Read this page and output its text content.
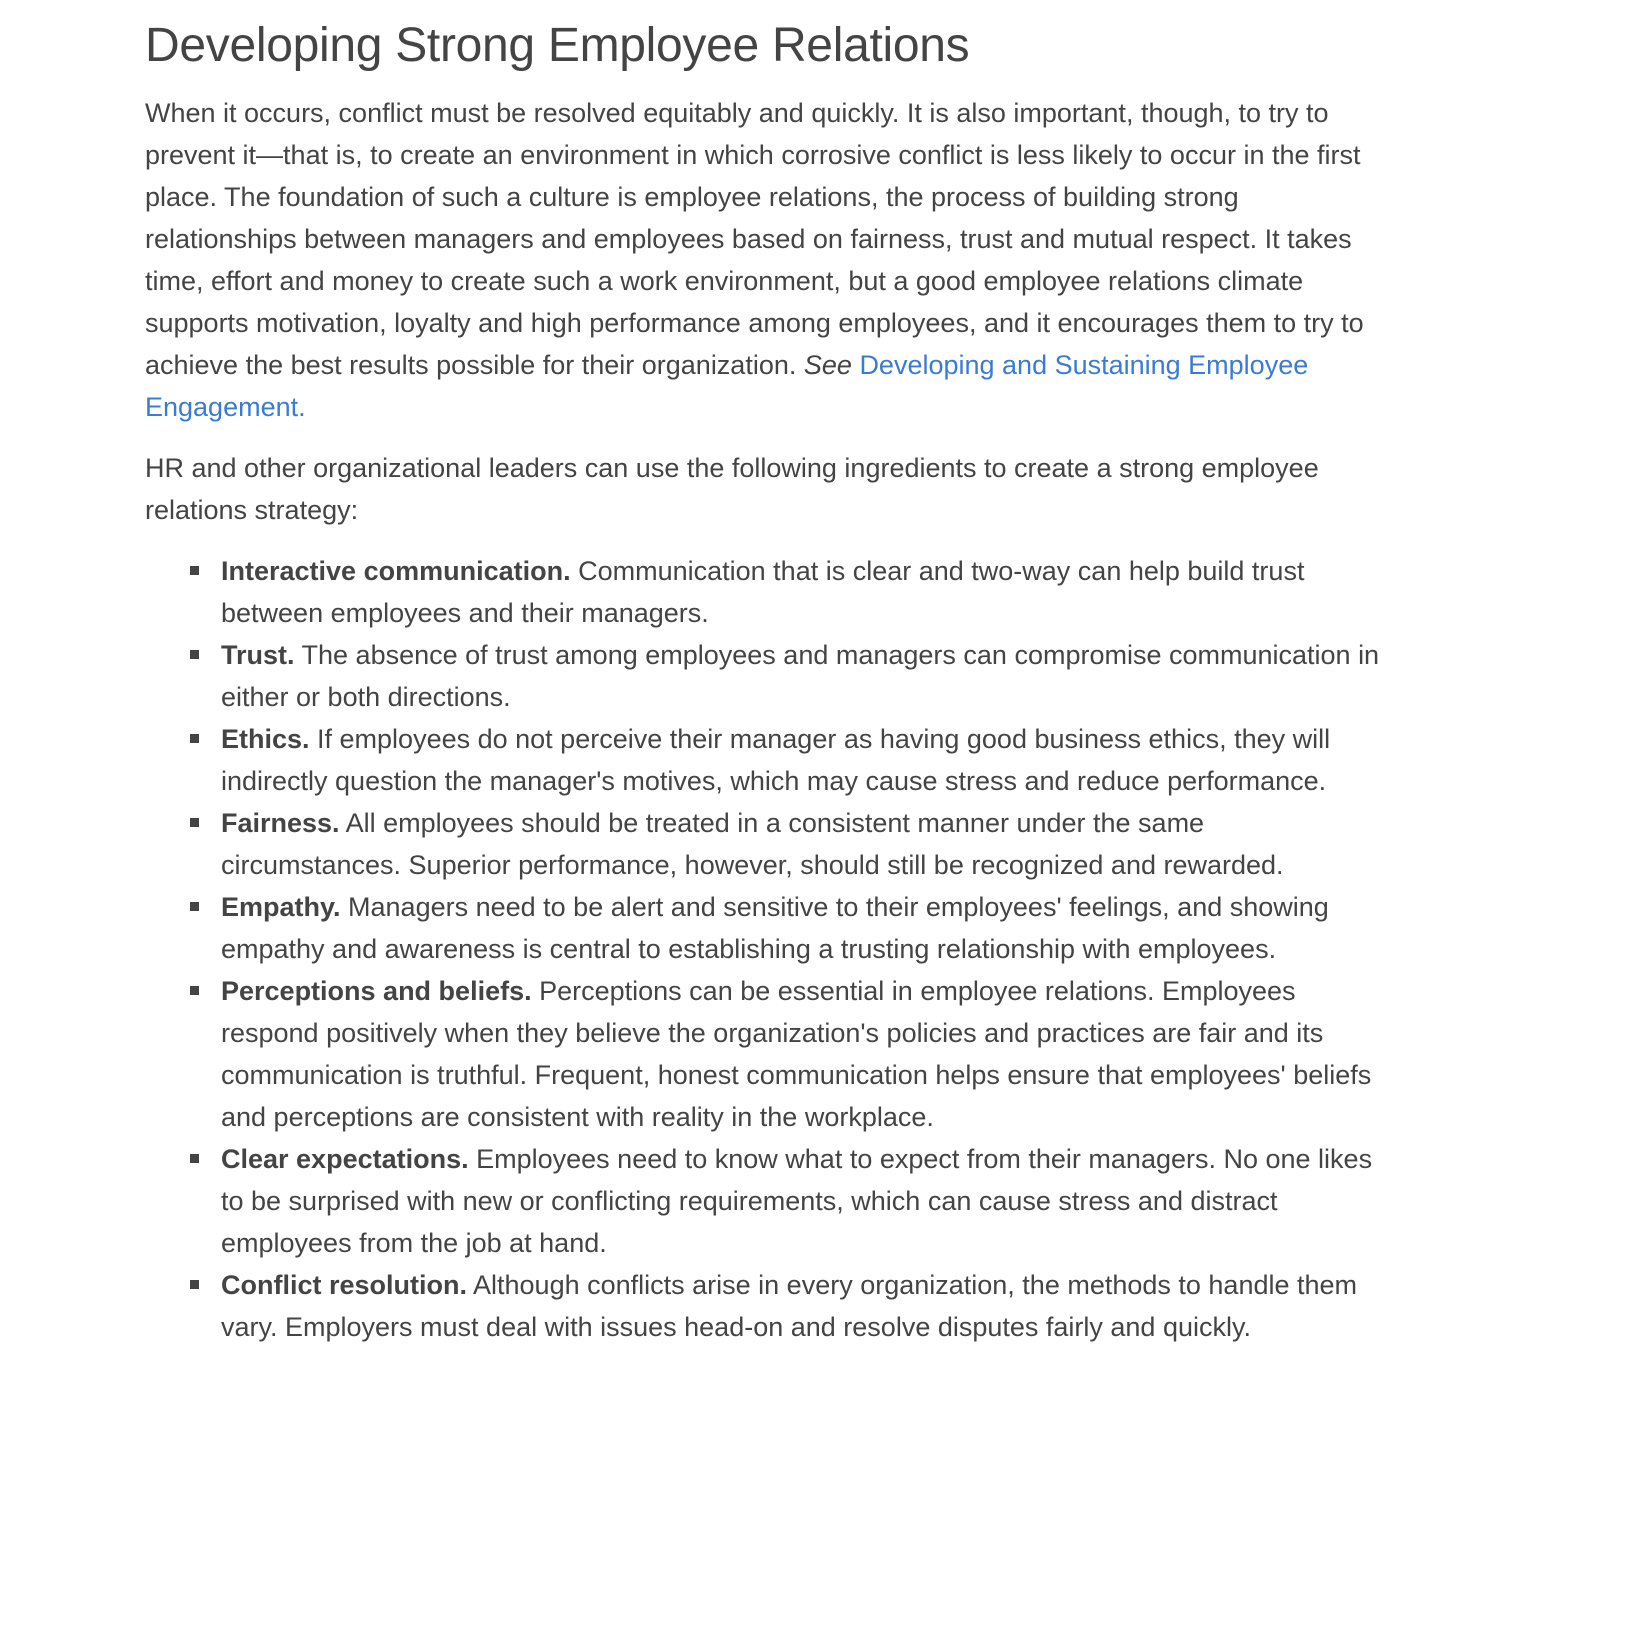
Developing Strong Employee Relations

When it occurs, conflict must be resolved equitably and quickly. It is also important, though, to try to prevent it—that is, to create an environment in which corrosive conflict is less likely to occur in the first place. The foundation of such a culture is employee relations, the process of building strong relationships between managers and employees based on fairness, trust and mutual respect. It takes time, effort and money to create such a work environment, but a good employee relations climate supports motivation, loyalty and high performance among employees, and it encourages them to try to achieve the best results possible for their organization. See Developing and Sustaining Employee Engagement.

HR and other organizational leaders can use the following ingredients to create a strong employee relations strategy:

Interactive communication. Communication that is clear and two-way can help build trust between employees and their managers.
Trust. The absence of trust among employees and managers can compromise communication in either or both directions.
Ethics. If employees do not perceive their manager as having good business ethics, they will indirectly question the manager's motives, which may cause stress and reduce performance.
Fairness. All employees should be treated in a consistent manner under the same circumstances. Superior performance, however, should still be recognized and rewarded.
Empathy. Managers need to be alert and sensitive to their employees' feelings, and showing empathy and awareness is central to establishing a trusting relationship with employees.
Perceptions and beliefs. Perceptions can be essential in employee relations. Employees respond positively when they believe the organization's policies and practices are fair and its communication is truthful. Frequent, honest communication helps ensure that employees' beliefs and perceptions are consistent with reality in the workplace.
Clear expectations. Employees need to know what to expect from their managers. No one likes to be surprised with new or conflicting requirements, which can cause stress and distract employees from the job at hand.
Conflict resolution. Although conflicts arise in every organization, the methods to handle them vary. Employers must deal with issues head-on and resolve disputes fairly and quickly.
